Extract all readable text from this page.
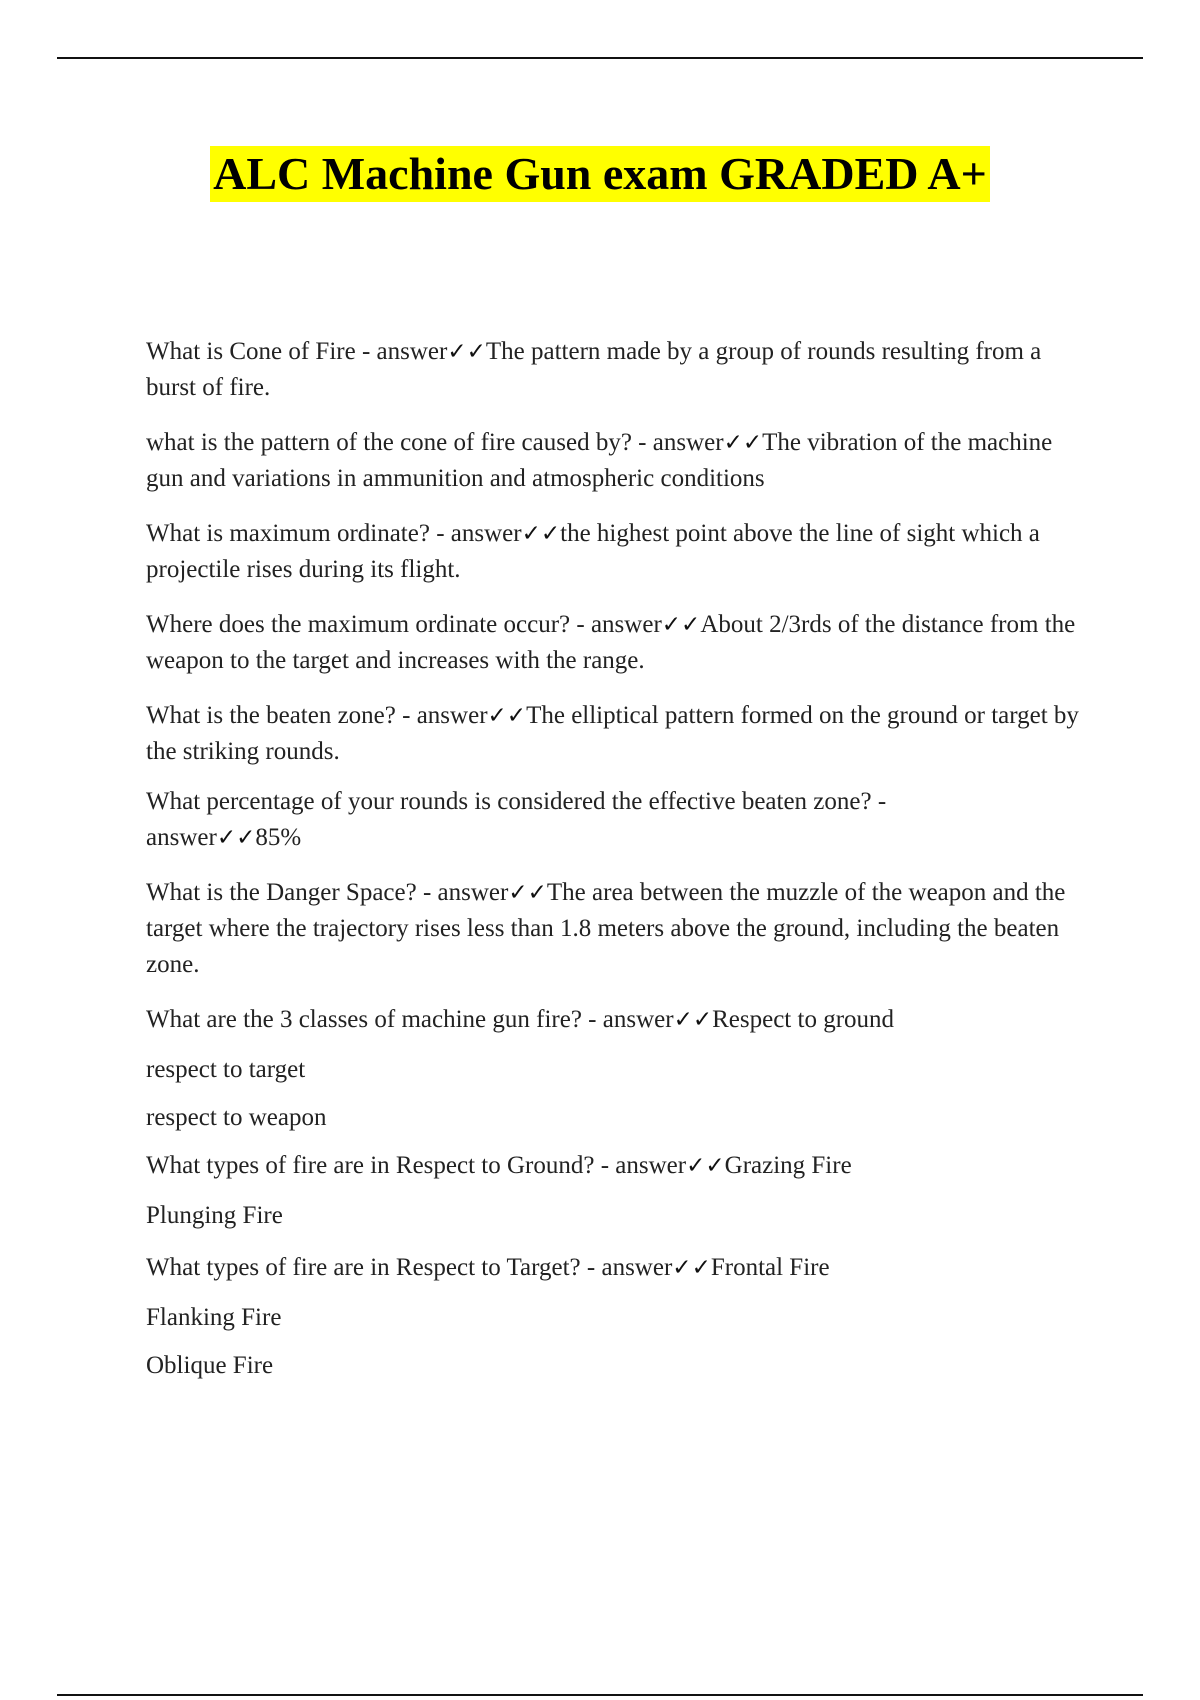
ALC Machine Gun exam GRADED A+

What is Cone of Fire - answer✓✓The pattern made by a group of rounds resulting from a burst of fire.

what is the pattern of the cone of fire caused by? - answer✓✓The vibration of the machine gun and variations in ammunition and atmospheric conditions

What is maximum ordinate? - answer✓✓the highest point above the line of sight which a projectile rises during its flight.

Where does the maximum ordinate occur? - answer✓✓About 2/3rds of the distance from the weapon to the target and increases with the range.

What is the beaten zone? - answer✓✓The elliptical pattern formed on the ground or target by the striking rounds.

What percentage of your rounds is considered the effective beaten zone? -
answer✓✓85%

What is the Danger Space? - answer✓✓The area between the muzzle of the weapon and the target where the trajectory rises less than 1.8 meters above the ground, including the beaten zone.

What are the 3 classes of machine gun fire? - answer✓✓Respect to ground

respect to target

respect to weapon

What types of fire are in Respect to Ground? - answer✓✓Grazing Fire

Plunging Fire

What types of fire are in Respect to Target? - answer✓✓Frontal Fire

Flanking Fire

Oblique Fire
